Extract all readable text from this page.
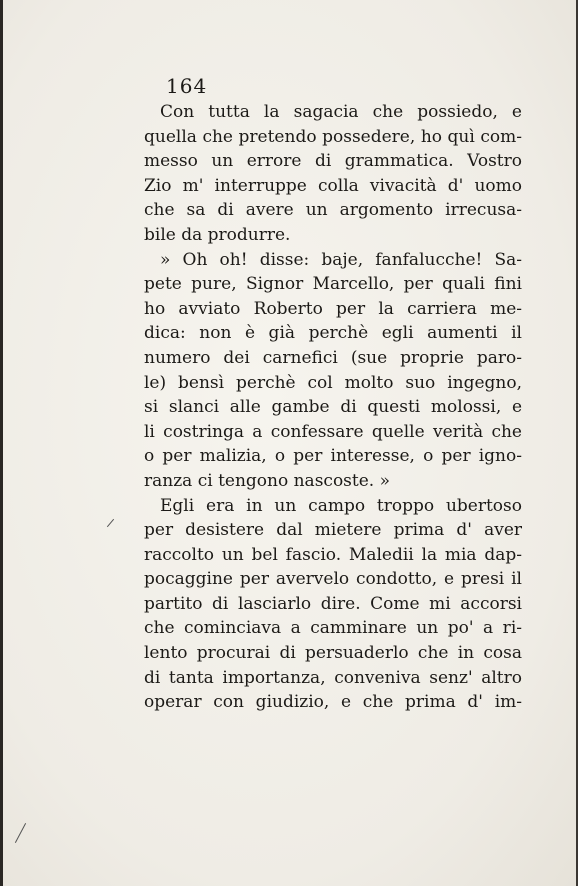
164
Con tutta la sagacia che possiedo, e
quella che pretendo possedere, ho quì com-
messo un errore di grammatica. Vostro
Zio m' interruppe colla vivacità d' uomo
che sa di avere un argomento irrecusa-
bile da produrre.
» Oh oh! disse: baje, fanfalucche! Sa-
pete pure, Signor Marcello, per quali fini
ho avviato Roberto per la carriera me-
dica: non è già perchè egli aumenti il
numero dei carnefici (sue proprie paro-
le) bensì perchè col molto suo ingegno,
si slanci alle gambe di questi molossi, e
li costringa a confessare quelle verità che
o per malizia, o per interesse, o per igno-
ranza ci tengono nascoste. »
Egli era in un campo troppo ubertoso
per desistere dal mietere prima d' aver
raccolto un bel fascio. Maledii la mia dap-
pocaggine per avervelo condotto, e presi il
partito di lasciarlo dire. Come mi accorsi
che cominciava a camminare un po' a ri-
lento procurai di persuaderlo che in cosa
di tanta importanza, conveniva senz' altro
operar con giudizio, e che prima d' im-
